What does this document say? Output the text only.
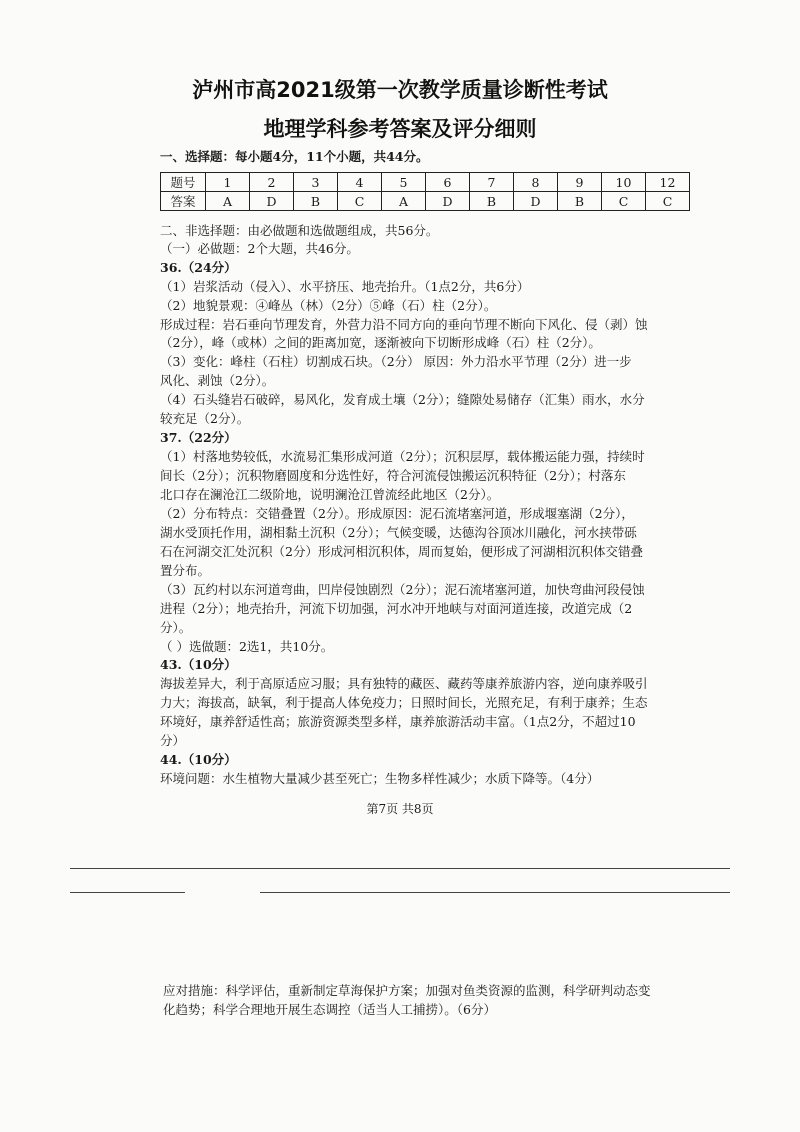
泸州市高2021级第一次教学质量诊断性考试
地理学科参考答案及评分细则
一、选择题：每小题4分，11个小题，共44分。
题号	1	2	3	4	5	6	7	8	9	10	12
答案	A	D	B	C	A	D	B	D	B	C	C
二、非选择题：由必做题和选做题组成，共56分。
（一）必做题：2个大题，共46分。
36.（24分）
（1）岩浆活动（侵入）、水平挤压、地壳抬升。（1点2分，共6分）
（2）地貌景观：④峰丛（林）（2分）⑤峰（石）柱（2分）。
形成过程：岩石垂向节理发育，外营力沿不同方向的垂向节理不断向下风化、侵（剥）蚀
（2分），峰（或林）之间的距离加宽，逐渐被向下切断形成峰（石）柱（2分）。
（3）变化：峰柱（石柱）切割成石块。（2分） 原因：外力沿水平节理（2分）进一步
风化、剥蚀（2分）。
（4）石头缝岩石破碎，易风化，发育成土壤（2分）；缝隙处易储存（汇集）雨水，水分
较充足（2分）。
37.（22分）
（1）村落地势较低，水流易汇集形成河道（2分）；沉积层厚，载体搬运能力强，持续时
间长（2分）；沉积物磨圆度和分选性好，符合河流侵蚀搬运沉积特征（2分）；村落东
北口存在澜沧江二级阶地，说明澜沧江曾流经此地区（2分）。
（2）分布特点：交错叠置（2分）。形成原因：泥石流堵塞河道，形成堰塞湖（2分），
湖水受顶托作用，湖相黏土沉积（2分）；气候变暖，达德沟谷顶冰川融化，河水挟带砾
石在河湖交汇处沉积（2分）形成河相沉积体，周而复始，便形成了河湖相沉积体交错叠
置分布。
（3）瓦约村以东河道弯曲，凹岸侵蚀剧烈（2分）；泥石流堵塞河道，加快弯曲河段侵蚀
进程（2分）；地壳抬升，河流下切加强，河水冲开地峡与对面河道连接，改道完成（2
分）。
（ ）选做题：2选1，共10分。
43.（10分）
海拔差异大，利于高原适应习服；具有独特的藏医、藏药等康养旅游内容，逆向康养吸引
力大；海拔高，缺氧，利于提高人体免疫力；日照时间长，光照充足，有利于康养；生态
环境好，康养舒适性高；旅游资源类型多样，康养旅游活动丰富。（1点2分，不超过10
分）
44.（10分）
环境问题：水生植物大量减少甚至死亡；生物多样性减少；水质下降等。（4分）
第7页 共8页
应对措施：科学评估，重新制定草海保护方案；加强对鱼类资源的监测，科学研判动态变
化趋势；科学合理地开展生态调控（适当人工捕捞）。（6分）
